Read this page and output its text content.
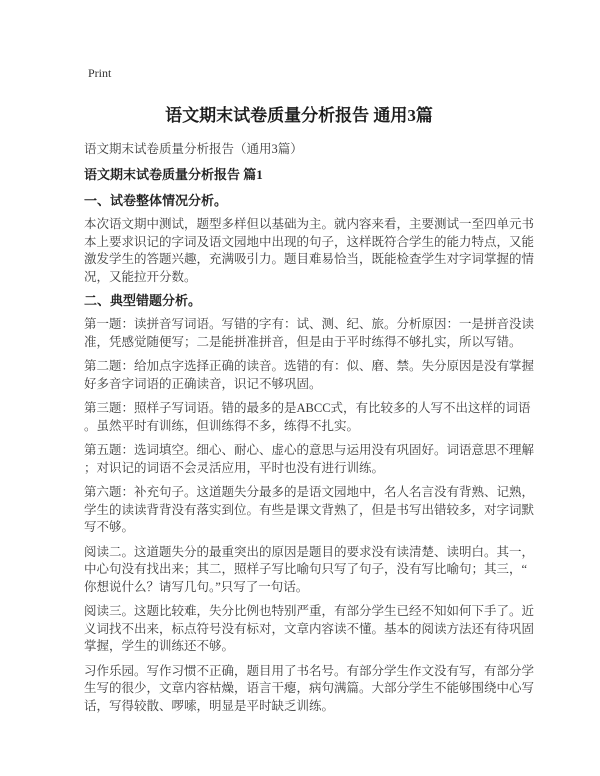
Print
语文期末试卷质量分析报告 通用3篇
语文期末试卷质量分析报告（通用3篇）
语文期末试卷质量分析报告 篇1
一、试卷整体情况分析。
本次语文期中测试，题型多样但以基础为主。就内容来看，主要测试一至四单元书本上要求识记的字词及语文园地中出现的句子，这样既符合学生的能力特点，又能激发学生的答题兴趣，充满吸引力。题目难易恰当，既能检查学生对字词掌握的情况，又能拉开分数。
二、典型错题分析。
第一题：读拼音写词语。写错的字有：试、测、纪、旅。分析原因：一是拼音没读准，凭感觉随便写；二是能拼准拼音，但是由于平时练得不够扎实，所以写错。
第二题：给加点字选择正确的读音。选错的有：似、磨、禁。失分原因是没有掌握好多音字词语的正确读音，识记不够巩固。
第三题：照样子写词语。错的最多的是ABCC式，有比较多的人写不出这样的词语。虽然平时有训练，但训练得不多，练得不扎实。
第五题：选词填空。细心、耐心、虚心的意思与运用没有巩固好。词语意思不理解；对识记的词语不会灵活应用，平时也没有进行训练。
第六题：补充句子。这道题失分最多的是语文园地中，名人名言没有背熟、记熟，学生的读读背背没有落实到位。有些是课文背熟了，但是书写出错较多，对字词默写不够。
阅读二。这道题失分的最重突出的原因是题目的要求没有读清楚、读明白。其一，中心句没有找出来；其二，照样子写比喻句只写了句子，没有写比喻句；其三，“你想说什么？请写几句。”只写了一句话。
阅读三。这题比较难，失分比例也特别严重，有部分学生已经不知如何下手了。近义词找不出来，标点符号没有标对，文章内容读不懂。基本的阅读方法还有待巩固掌握，学生的训练还不够。
习作乐园。写作习惯不正确，题目用了书名号。有部分学生作文没有写，有部分学生写的很少，文章内容枯燥，语言干瘪，病句满篇。大部分学生不能够围绕中心写话，写得较散、啰嗦，明显是平时缺乏训练。
